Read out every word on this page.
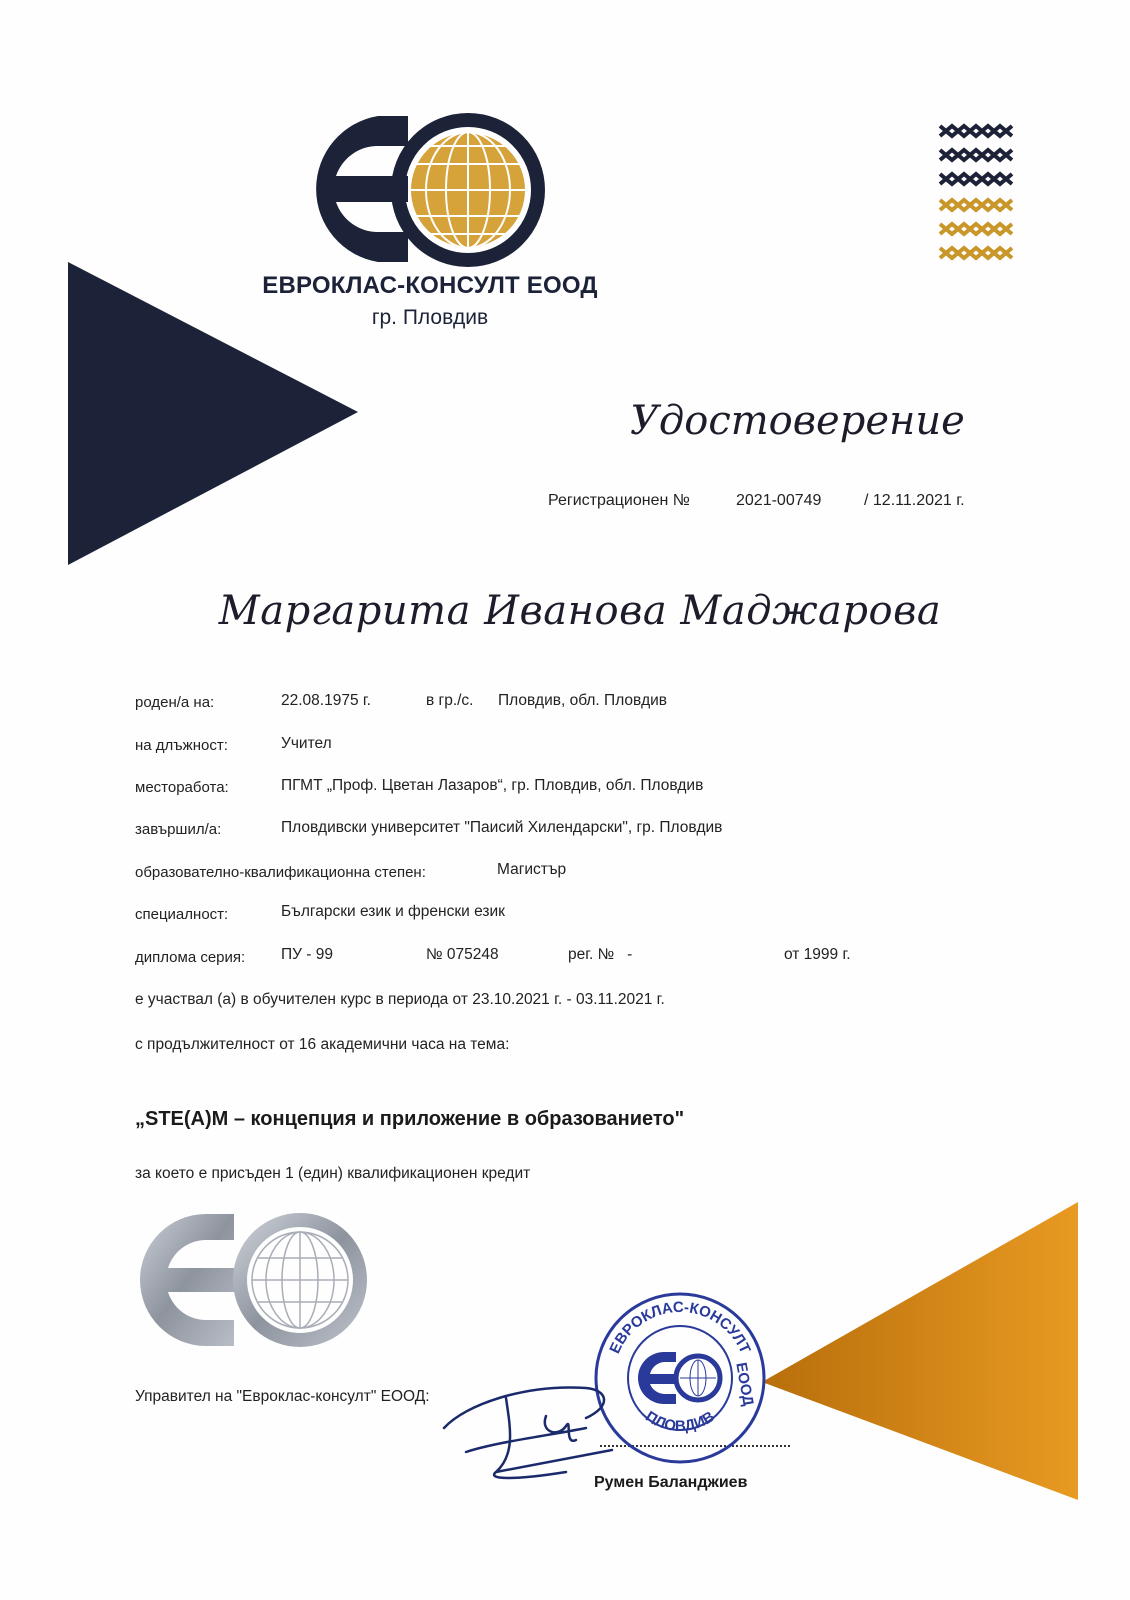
ЕВРОКЛАС-КОНСУЛТ ЕООД
гр. Пловдив
Удостоверение
Регистрационен №	2021-00749	/ 12.11.2021 г.
Маргарита Иванова Маджарова
роден/а на:	22.08.1975 г.	в гр./с. Пловдив, обл. Пловдив
на длъжност:	Учител
месторабота:	ПГМТ „Проф. Цветан Лазаров“, гр. Пловдив, обл. Пловдив
завършил/а:	Пловдивски университет "Паисий Хилендарски", гр. Пловдив
образователно-квалификационна степен:	Магистър
специалност:	Български език и френски език
диплома серия: ПУ - 99	№ 075248	рег. №   -	от 1999 г.
е участвал (а) в обучителен курс в периода от 23.10.2021 г. - 03.11.2021 г.
с продължителност от 16 академични часа на тема:
„STE(A)M – концепция и приложение в образованието"
за което е присъден 1 (един) квалификационен кредит
Управител на "Евроклас-консулт" ЕООД:
ЕВРОКЛАС-КОНСУЛТ
ПЛОВДИВ
ЕООД
Румен Баланджиев
